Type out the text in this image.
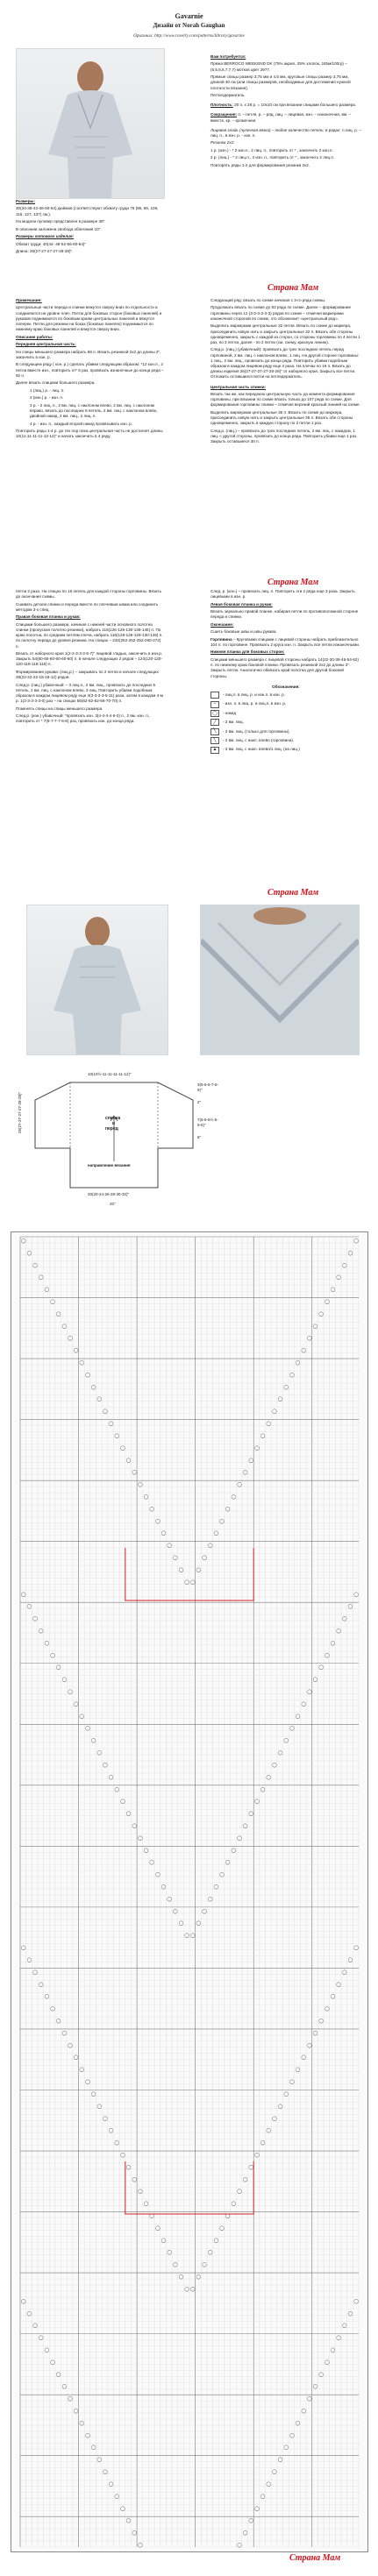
Gavarnie
Дизайн от Norah Gaughan
Оригинал: http://www.ravelry.com/patterns/library/gavarnie

Размеры:

30(34-38-42-46-50-54) дюймов (соответствуют обхвату груди 76 (86, 96, 106, 116, 127, 137) см.).

На модели пуловер представлен в размере 38".

В описании заложена свобода облегания 10".

Размеры готового изделия:

Обхват груди: 40(44- 48-52-56-60-64)"

Длина: 26(27-27-27-27-28-28)".

Вам потребуется:

Пряжа BERROCO WEEKEND DK (75% акрил, 25% хлопок, 245м/100гр) – (5,5,6,6,7,7,7) мотков цвет 2977.

Прямые спицы размер 3,75 мм и 4,5 мм, круговые спицы размер 3,75 мм, длиной 40 см (или спицы размеров, необходимых для достижения нужной плотности вязания).

Петлеодержатель.

Плотность: 20 п. x 28 р. = 10х10 см при вязании спицами большего размера.

Сокращения: п. – петля, р. – ряд, лиц. – лицевая, изн. – изнаночная, вм. – вместе, кр. – кромочная.

Лицевая гладь (чулочная вязка) – любое количество петель: в рядах: л.лиц. р. – лиц. п., в изн. р. - изн. п.

Резинка 2х2:

1 р. (изн.) - * 2 изн.п., 2 лиц. п., повторить от * , закончить 2 изн.п.

2 р. (лиц.) - * 2 лиц.п., 2 изн. п., повторить от * , закончить 2 лиц.п.

Повторять ряды 1-2 для формирования резинки 2х2.

Страна Мам

Примечание:

Центральные части переда и спинки вяжутся сверху вниз по отдельности и соединяются на уровне плеч. Петли для боковых сторон (боковых панелей) и рукавов поднимаются по боковым краям центральных панелей и вяжутся поперек. Петли для резинки на боках (боковых панелях) поднимаются по нижнему краю боковых панелей и вяжутся сверху вниз.

Описание работы:

Передняя центральная часть:

На спицы меньшего размера набрать 98 п. Вязать резинкой 2х2 до длины 3", закончить в изн. р.

В следующем ряду ( кон. р.) сделать убавки следующим образом: *12 кон.п., 2 петли вместе изн., повторить от* 6 раз, провязать изнаночные до конца ряда – 92 п.

Далее вязать спицами большего размера.

1 (лиц.) р. - лиц. п.

2 (изн.) р. - изн. п.

3 р. - 2 лиц. п., 2 вм. лиц. с наклоном влево, 2 вм. лиц. с наклоном вправо, вязать до последних 6 петель, 2 вм. лиц. с наклоном влево, двойной накид, 2 вм. лиц., 2 лиц. п.

4 р. - изн. п., каждый второй накид провязывать изн. р.

Повторить ряды 1-4 р. до тех пор пока центральная часть не достигнет длины 10(11-11-11-11-12-12)" и начать закончить в 4 ряду.

Следующий ряд: вязать по схеме начиная с 3-го ряда схемы.

Продолжать вязать по схеме до 83 ряда по схеме. Далее – формирование горловины через 12 (3-3-3-3-3-3) рядов по схеме – отмечая маркерами изнаночной стороной по схеме, это обозначает «центральный ряд».

Выделить маркерами центральные 32 петли. Вязать по схеме до маркера, присоединить новую нить и закрыть центральные 32 п. Вязать обе стороны одновременно, закрыть с каждой из сторон, со стороны горловины по 4 петли 1 раз, по 3 петли, далее - по 2 петли (см. схему, красную линию).

След.р. (лиц.) (убавочный): провязать до трех последних петель перед горловиной, 2 вм. лиц. с наклоном влево, 1 лиц. На другой стороне горловины: 1 лиц., 2 вм. лиц., провязать до конца ряда. Повторить убавки подобным образом в каждом лицевом ряду еще 4 раза. На плечах по 16 п. Вязать до длины изделия 26(27-27-27-27-28-28)" от наборного края. Закрыть все петли. Отложить оставшиеся петли на петледержатель.

Центральная часть спинки:

Вязать так же, как переднюю центральную часть до момента формирования горловины, при вязании по схеме вязать только до 107 ряда по схеме. Для формирования горловины спинки – отмечая верхний красный линией на схеме.

Выделить маркерами центральные 36 п. Вязать по схеме до маркера, присоединить новую нить и закрыть центральные 36 п. Вязать обе стороны одновременно, закрыть в каждую сторону по 2 петли 1 раз.

След.р. (лиц.) – провязать до трех последних петель, 2 вм. лиц. с накидом, 1 лиц. с другой стороны, провязать до конца ряда. Повторить убавки еще 1 раз. Закрыть оставшиеся 30 п.

Страна Мам

петли 2 раза. На спицах по 16 петель для каждой стороны горловины. Вязать до окончания схемы.

Сшивать детали спинки и переда вместе по плечевым швам или соединить методом 3-х спиц.

Правая боковая планка и рукав:

Спицами большего размера, начиная с нижней части основного полотна спинки (пропуская полотно резинки), набрать 116(126-126-130-136-146) п. По краю полотна, по средним петлям плеча, набрать 116(126-126-126-130-126) п. по полотну переда до уровня резинки. На спицах – 232(252-252-252-260-272) п.

Вязать от наборного края 1(2-2-3-3-3-5-7)" лицевой гладью, закончить в изн.р. Закрыть 54(60-60-60-60-60-60) п. в начале следующих 2 рядов – 124(120-120-120-118-118-118) п.

Формирование рукава: (лиц.р.) – закрывать по 2 петли в начале следующих 28(22-22-22-18-18-12) рядов.

След.р. (лиц.) убавочный: – 3 лиц.п., 2 вм. лиц., провязать до последних 5 петель, 2 вм. лиц. с наклоном влево, 3 лиц. Повторить убавки подобным образом в каждом лицевом ряду еще 4(3-3-3-3-5-11) раза, затем в каждом 4-м р. 1(2-3-3-3-3-0) раз – на спицах 56(62-62-62-66-70-70) п.

Поменять спицы на спицы меньшего размера.

След.р. (изн.) убавочный: *провязать изн. 3(4-4-4-4-6-0) п., 2 вм. изн. п., повторить от * 7(8-7-7-7-6-8) раз, провязать изн. до конца ряда.

След. р. (кон.) – провязать лиц. п. Повторить эти 2 ряда еще 3 раза. Закрыть лицевыми в изн. р.

Левая боковая планка и рукав:

Вязать зеркально правой планке, набирая петли по противоположной стороне переда и спинки.

Окончание:

Сшить боковые швы и швы рукава.

Горловина – Круговыми спицами с лицевой стороны набрать приблизительно 104 п. по горловине. Провязать 2 круга изн. п. Закрыть все петли изнаночными.

Нижняя планка для боковых сторон:

Спицами меньшего размера с лицевой стороны набрать 14(22-30-38-46-54-62) п. по нижнему краю боковой планки. Провязать резинкой 2х2 до длины 3". Закрыть петли. Аналогично обвязать край полотна для другой боковой стороны.

Обозначения:

- лиц.п. в лиц. р. и изн.п. в изн. р.
–	- изн. п. в лиц. р. и лиц.п. в изн. р.
◯	- накид
╱	- 2 вм. лиц.
╲	- 2 вм. лиц. (только для горловины).
╲	- 2 вм. лиц. с накл. влево (горловина).
▲	- 3 вм. лиц. с накл. влево/1 лиц. (на лиц.)
Страна Мам
10(10½-11-11-11-11-12)"
26(27-27-27-27-28-28)"	спинка
и
перед
направление вязания
20(20-24-26-28-30-32)"
20"
3(5-6-6-7-8-9)"
2"
7(6-6-5½-5-5-5)"
6"
◯	◯
◯	◯
◯	◯
◯	◯
◯	◯
◯	◯
◯	◯
◯	◯
◯	◯
◯	◯
◯	◯
◯	◯
◯	◯
◯	◯
◯	◯
◯	◯
◯	◯
◯	◯
◯	◯
◯	◯
◯	◯
◯	◯
◯	◯
◯	◯
◯	◯
◯	◯
◯	◯
◯	◯
◯ ◯
◯	◯
◯	◯
◯	◯
◯	◯
◯	◯
◯	◯
◯	◯
◯	◯
◯	◯
◯	◯
◯	◯
◯	◯
◯	◯
◯	◯
◯	◯
◯	◯
◯	◯
◯	◯
◯	◯
◯	◯
◯	◯
◯	◯
◯	◯
◯	◯
◯	◯
◯	◯
◯	◯
◯	◯
◯ ◯
◯	◯
◯	◯
◯	◯
◯	◯
◯	◯
◯	◯
◯	◯
◯	◯
◯	◯
◯	◯
◯	◯
◯	◯
◯	◯
◯	◯
◯	◯
◯	◯
◯	◯
◯	◯
◯	◯
◯	◯
◯	◯
◯	◯
◯	◯
◯	◯
◯	◯
◯	◯
◯	◯
◯	◯
◯ ◯
◯	◯
◯	◯
◯	◯
◯	◯
◯	◯
◯	◯
◯	◯
◯	◯
◯	◯
◯	◯
◯	◯
◯	◯
◯	◯
◯	◯
◯	◯
◯	◯
◯	◯
◯	◯
◯	◯
◯	◯
◯	◯
Страна Мам
